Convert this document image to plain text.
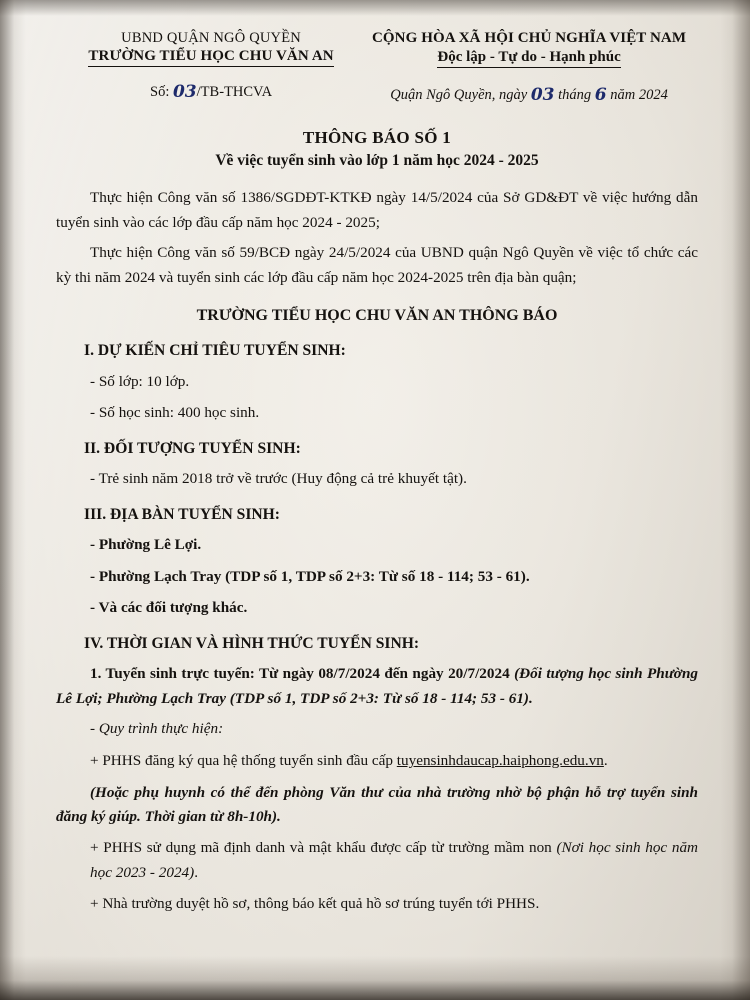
UBND QUẬN NGÔ QUYỀN
TRƯỜNG TIỂU HỌC CHU VĂN AN
Số: 03/TB-THCVA
CỘNG HÒA XÃ HỘI CHỦ NGHĨA VIỆT NAM
Độc lập - Tự do - Hạnh phúc
Quận Ngô Quyền, ngày 03 tháng 6 năm 2024
THÔNG BÁO SỐ 1
Về việc tuyển sinh vào lớp 1 năm học 2024 - 2025
Thực hiện Công văn số 1386/SGDĐT-KTKĐ ngày 14/5/2024 của Sở GD&ĐT về việc hướng dẫn tuyển sinh vào các lớp đầu cấp năm học 2024 - 2025;
Thực hiện Công văn số 59/BCĐ ngày 24/5/2024 của UBND quận Ngô Quyền về việc tổ chức các kỳ thi năm 2024 và tuyển sinh các lớp đầu cấp năm học 2024-2025 trên địa bàn quận;
TRƯỜNG TIỂU HỌC CHU VĂN AN THÔNG BÁO
I. DỰ KIẾN CHỈ TIÊU TUYỂN SINH:
- Số lớp: 10 lớp.
- Số học sinh: 400 học sinh.
II. ĐỐI TƯỢNG TUYỂN SINH:
- Trẻ sinh năm 2018 trở về trước (Huy động cả trẻ khuyết tật).
III. ĐỊA BÀN TUYỂN SINH:
- Phường Lê Lợi.
- Phường Lạch Tray (TDP số 1, TDP số 2+3: Từ số 18 - 114; 53 - 61).
- Và các đối tượng khác.
IV. THỜI GIAN VÀ HÌNH THỨC TUYỂN SINH:
1. Tuyển sinh trực tuyến: Từ ngày 08/7/2024 đến ngày 20/7/2024 (Đối tượng học sinh Phường Lê Lợi; Phường Lạch Tray (TDP số 1, TDP số 2+3: Từ số 18 - 114; 53 - 61).
- Quy trình thực hiện:
+ PHHS đăng ký qua hệ thống tuyển sinh đầu cấp tuyensinhdaucap.haiphong.edu.vn.
(Hoặc phụ huynh có thể đến phòng Văn thư của nhà trường nhờ bộ phận hỗ trợ tuyển sinh đăng ký giúp. Thời gian từ 8h-10h).
+ PHHS sử dụng mã định danh và mật khẩu được cấp từ trường mầm non (Nơi học sinh học năm học 2023 - 2024).
+ Nhà trường duyệt hồ sơ, thông báo kết quả hồ sơ trúng tuyển tới PHHS.
